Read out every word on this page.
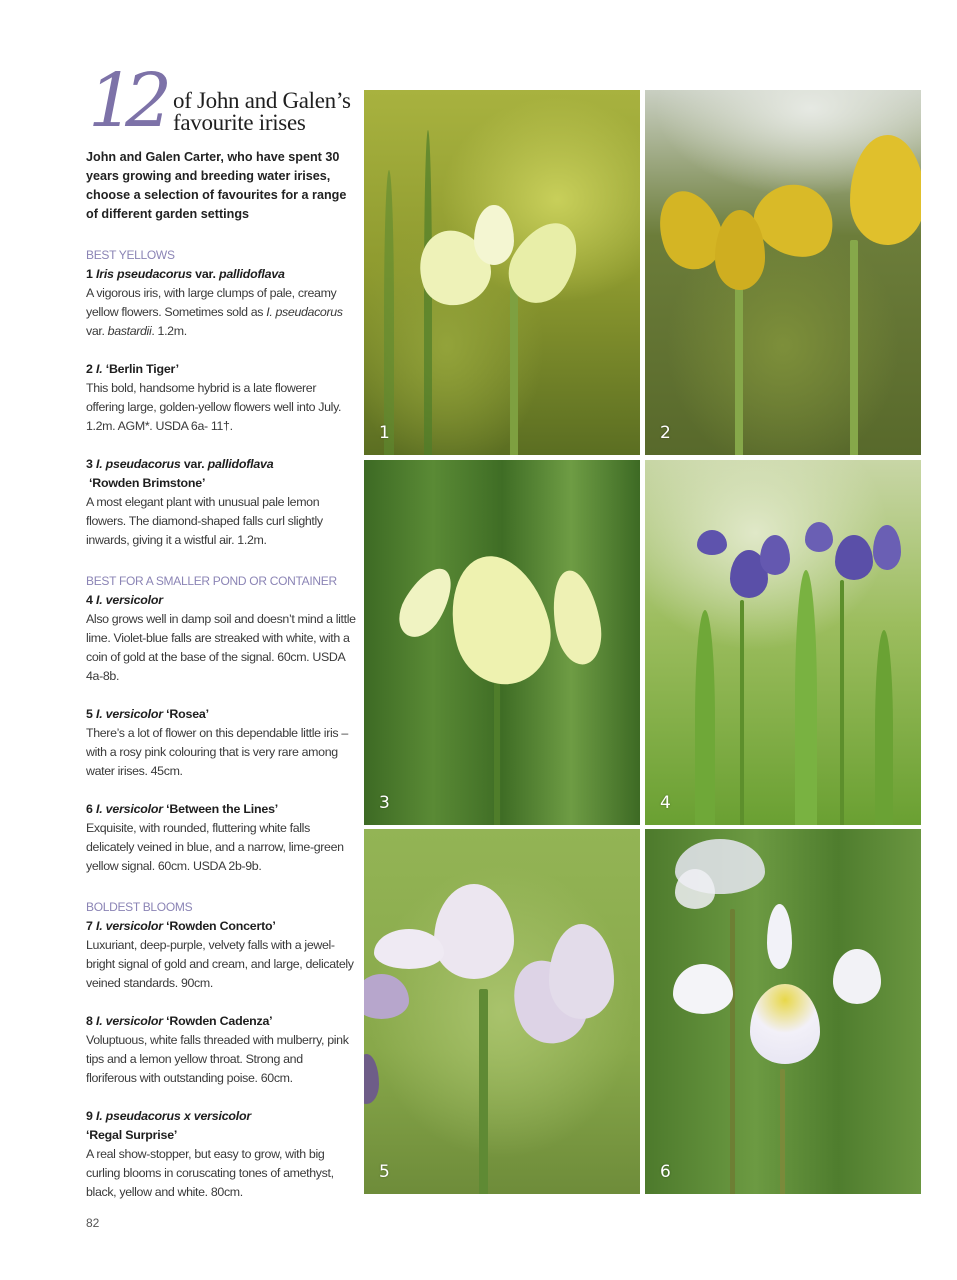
12 of John and Galen’s
favourite irises

John and Galen Carter, who have spent 30 years growing and breeding water irises, choose a selection of favourites for a range of different garden settings

BEST YELLOWS
1 Iris pseudacorus var. pallidoflava
A vigorous iris, with large clumps of pale, creamy yellow flowers. Sometimes sold as I. pseudacorus var. bastardii. 1.2m.
2 I. ‘Berlin Tiger’
This bold, handsome hybrid is a late flowerer offering large, golden-yellow flowers well into July. 1.2m. AGM*. USDA 6a- 11†.
3 I. pseudacorus var. pallidoflava
‘Rowden Brimstone’
A most elegant plant with unusual pale lemon flowers. The diamond-shaped falls curl slightly inwards, giving it a wistful air. 1.2m.
BEST FOR A SMALLER POND OR CONTAINER
4 I. versicolor
Also grows well in damp soil and doesn’t mind a little lime. Violet-blue falls are streaked with white, with a coin of gold at the base of the signal. 60cm. USDA 4a-8b.
5 I. versicolor ‘Rosea’
There’s a lot of flower on this dependable little iris – with a rosy pink colouring that is very rare among water irises. 45cm.
6 I. versicolor ‘Between the Lines’
Exquisite, with rounded, fluttering white falls delicately veined in blue, and a narrow, lime-green yellow signal. 60cm. USDA 2b-9b.
BOLDEST BLOOMS
7 I. versicolor ‘Rowden Concerto’
Luxuriant, deep-purple, velvety falls with a jewel-bright signal of gold and cream, and large, delicately veined standards. 90cm.
8 I. versicolor ‘Rowden Cadenza’
Voluptuous, white falls threaded with mulberry, pink tips and a lemon yellow throat. Strong and floriferous with outstanding poise. 60cm.
9 I. pseudacorus x versicolor
‘Regal Surprise’
A real show-stopper, but easy to grow, with big curling blooms in coruscating tones of amethyst, black, yellow and white. 80cm.
82
1	2
3	4
5	6
